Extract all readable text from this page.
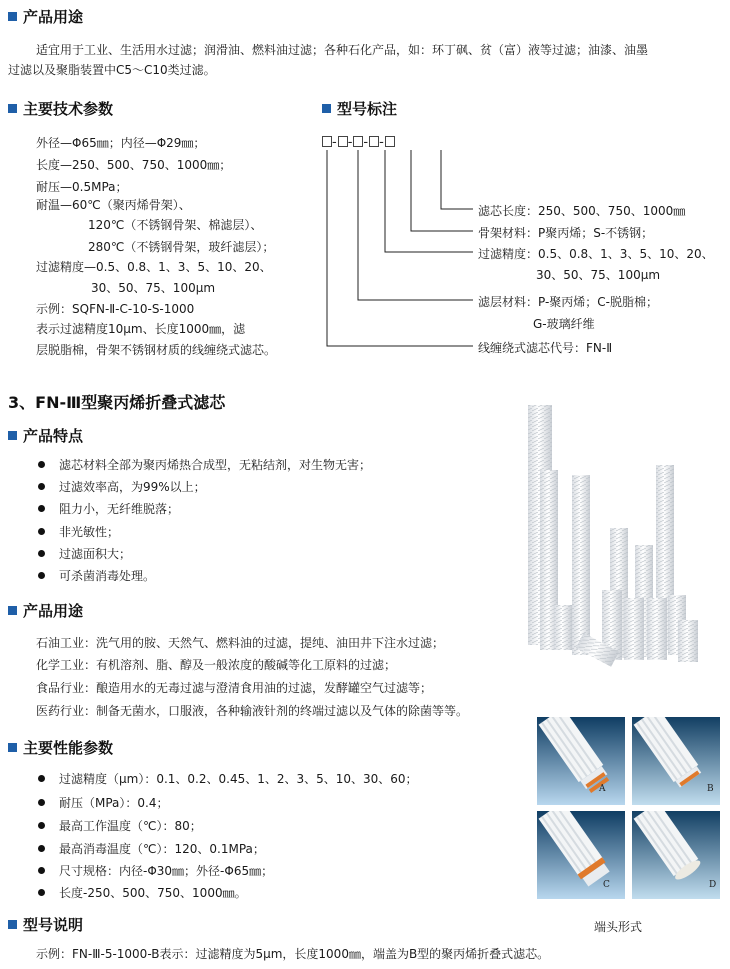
产品用途
适宜用于工业、生活用水过滤；润滑油、燃料油过滤；各种石化产品，如：环丁砜、贫（富）液等过滤；油漆、油墨
过滤以及聚脂装置中C5～C10类过滤。
主要技术参数
外径—Φ65㎜；内径—Φ29㎜；
长度—250、500、750、1000㎜；
耐压—0.5MPa；
耐温—60℃（聚丙烯骨架）、
120℃（不锈钢骨架、棉滤层）、
280℃（不锈钢骨架，玻纤滤层）；
过滤精度—0.5、0.8、1、3、5、10、20、
30、50、75、100μm
示例：SQFN-Ⅱ-C-10-S-1000
表示过滤精度10μm、长度1000㎜，滤
层脱脂棉，骨架不锈钢材质的线缠绕式滤芯。
型号标注
- - - -
滤芯长度：250、500、750、1000㎜
骨架材料：P聚丙烯；S-不锈钢；
过滤精度：0.5、0.8、1、3、5、10、20、
30、50、75、100μm
滤层材料：P-聚丙烯；C-脱脂棉；
G-玻璃纤维
线缠绕式滤芯代号：FN-Ⅱ
3、FN-Ⅲ型聚丙烯折叠式滤芯
产品特点
滤芯材料全部为聚丙烯热合成型，无粘结剂，对生物无害；
过滤效率高，为99%以上；
阻力小，无纤维脱落；
非光敏性；
过滤面积大；
可杀菌消毒处理。
产品用途
石油工业：洗气用的胺、天然气、燃料油的过滤，提纯、油田井下注水过滤；
化学工业：有机溶剂、脂、醇及一般浓度的酸碱等化工原料的过滤；
食品行业：酿造用水的无毒过滤与澄清食用油的过滤，发酵罐空气过滤等；
医药行业：制备无菌水，口服液，各种输液针剂的终端过滤以及气体的除菌等等。
主要性能参数
过滤精度（μm）：0.1、0.2、0.45、1、2、3、5、10、30、60；
耐压（MPa）：0.4；
最高工作温度（℃）：80；
最高消毒温度（℃）：120、0.1MPa；
尺寸规格：内径-Φ30㎜；外径-Φ65㎜；
长度-250、500、750、1000㎜。
型号说明	端头形式
示例：FN-Ⅲ-5-1000-B表示：过滤精度为5μm，长度1000㎜，端盖为B型的聚丙烯折叠式滤芯。
A	B
C	D
